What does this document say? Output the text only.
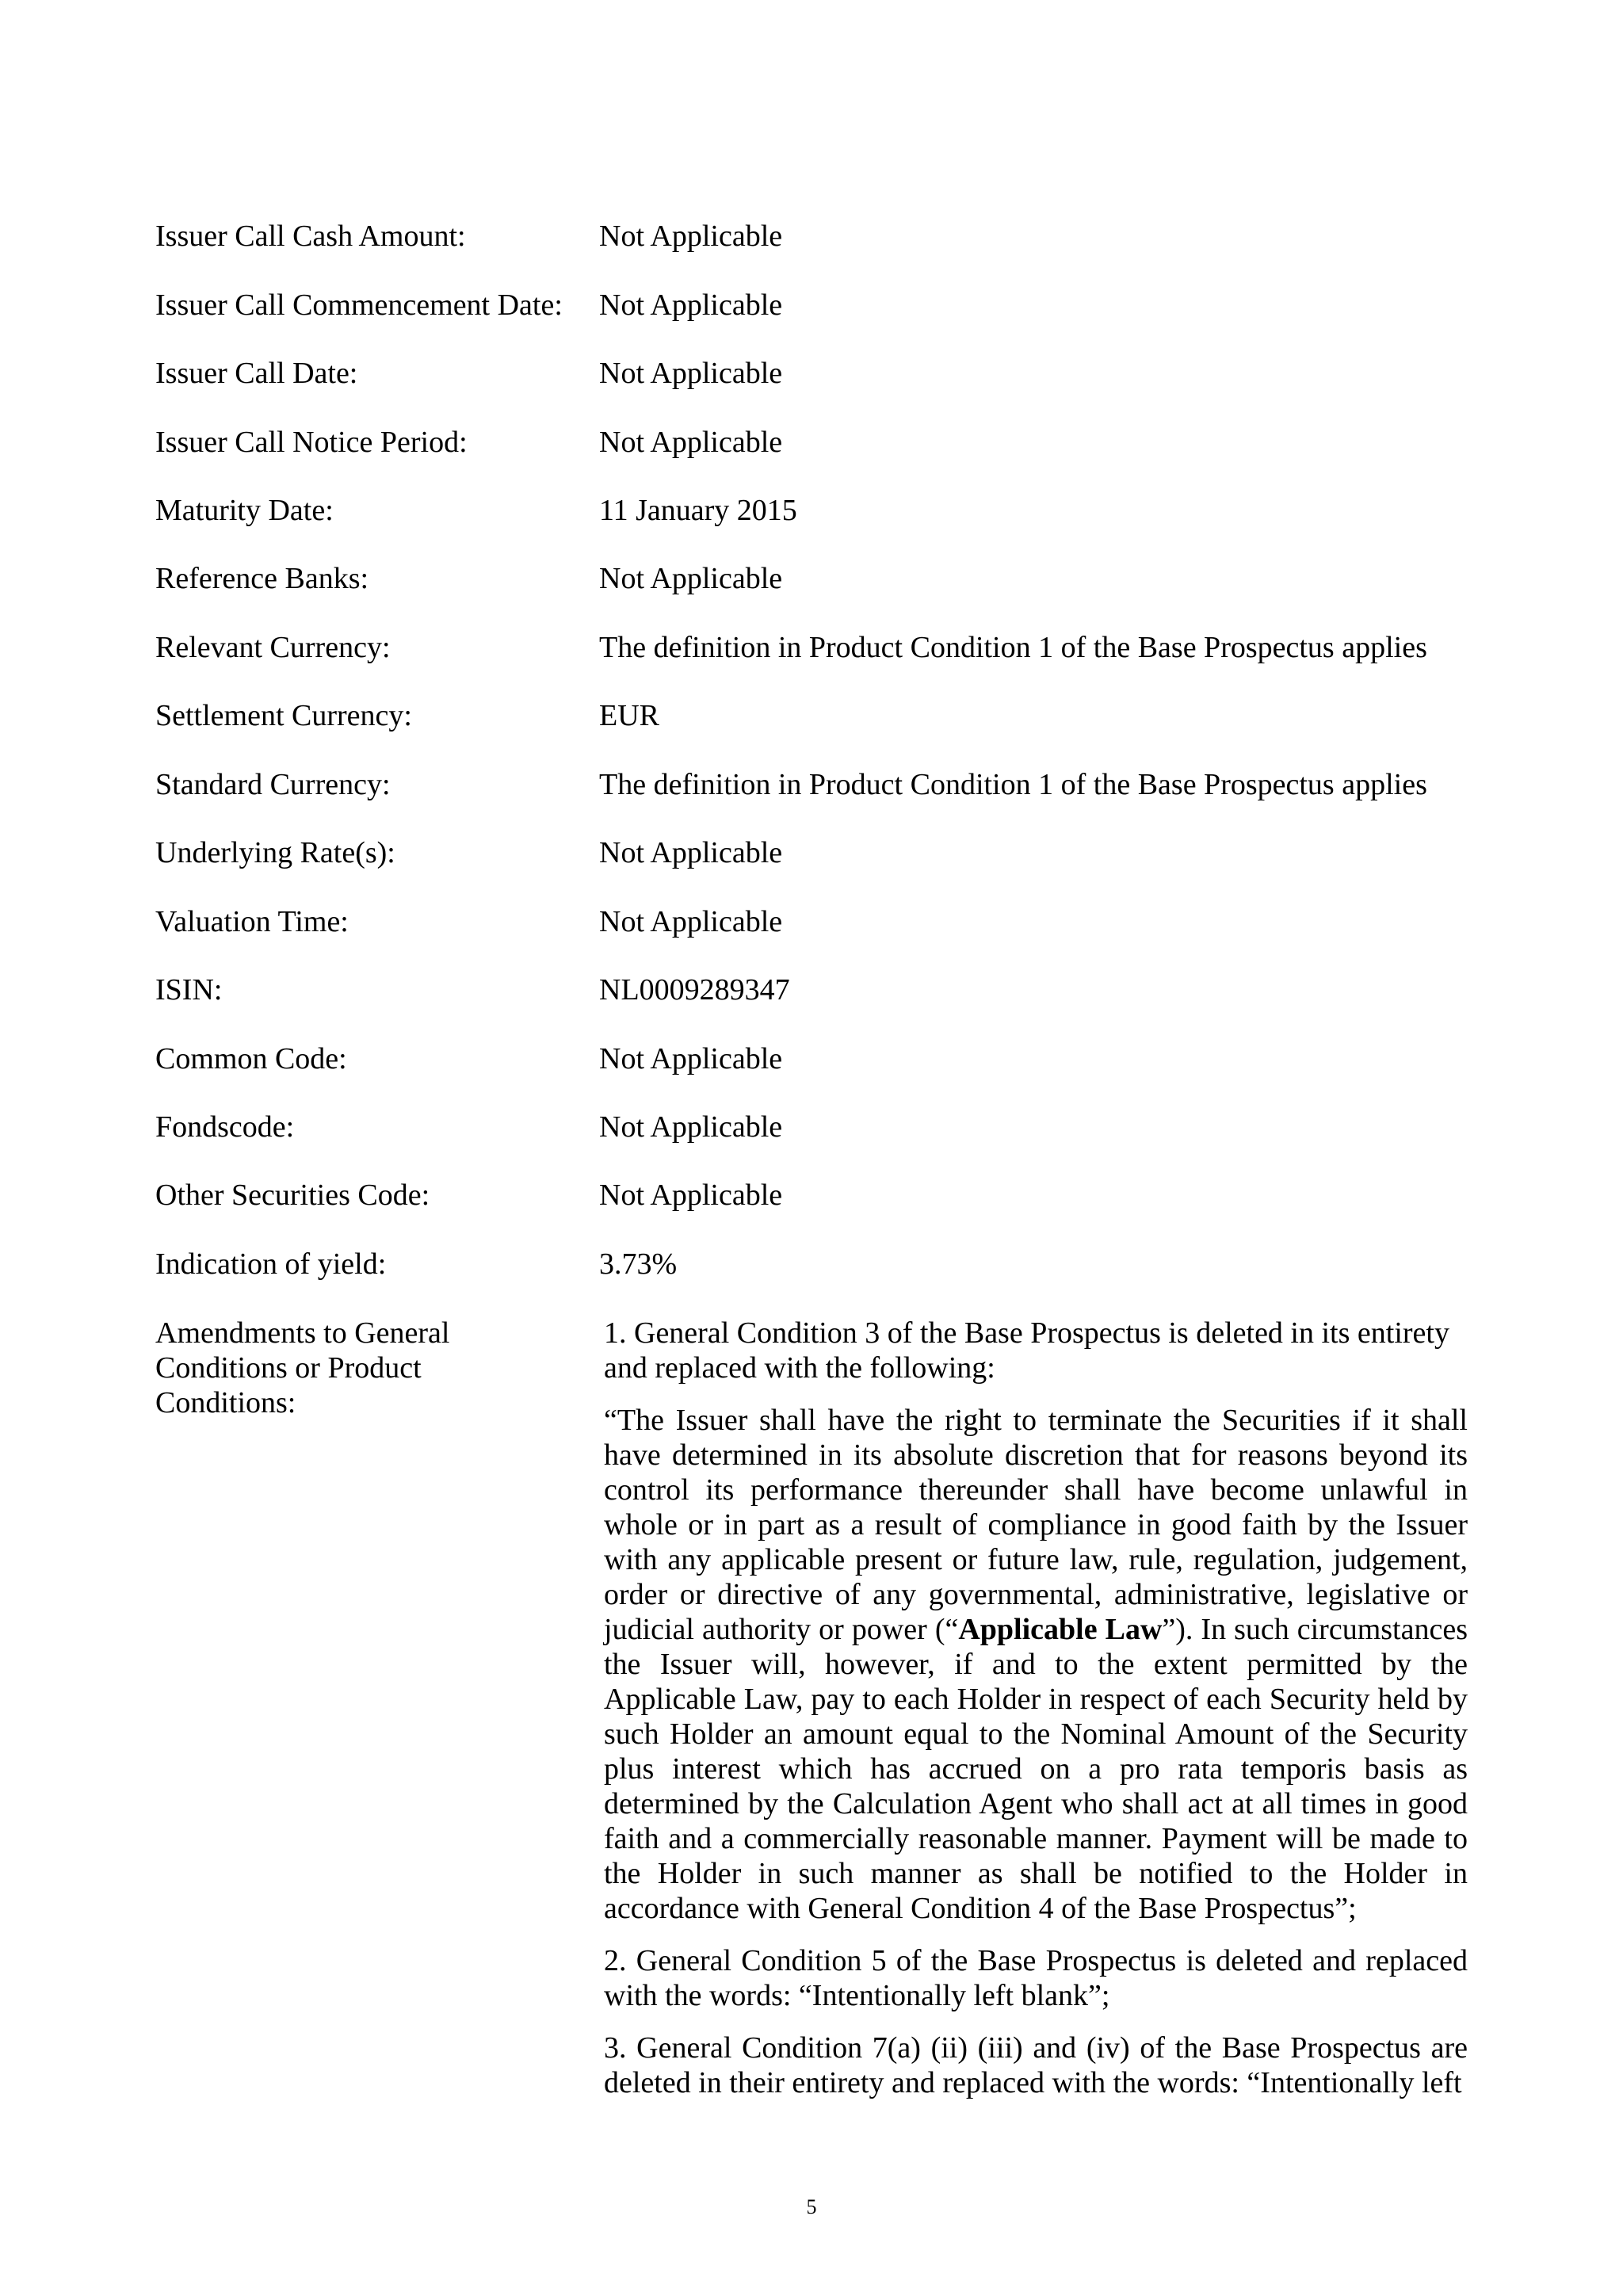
Issuer Call Cash Amount:	Not Applicable
Issuer Call Commencement Date: Not Applicable
Issuer Call Date:	Not Applicable
Issuer Call Notice Period:	Not Applicable
Maturity Date:	11 January 2015
Reference Banks:	Not Applicable
Relevant Currency:	The definition in Product Condition 1 of the Base Prospectus applies
Settlement Currency:	EUR
Standard Currency:	The definition in Product Condition 1 of the Base Prospectus applies
Underlying Rate(s):	Not Applicable
Valuation Time:	Not Applicable
ISIN:	NL0009289347
Common Code:	Not Applicable
Fondscode:	Not Applicable
Other Securities Code:	Not Applicable
Indication of yield:	3.73%
Amendments to General Conditions or Product Conditions:

1. General Condition 3 of the Base Prospectus is deleted in its entirety and replaced with the following:

“The Issuer shall have the right to terminate the Securities if it shall have determined in its absolute discretion that for reasons beyond its control its performance thereunder shall have become unlawful in whole or in part as a result of compliance in good faith by the Issuer with any applicable present or future law, rule, regulation, judgement, order or directive of any governmental, administrative, legislative or judicial authority or power (“Applicable Law”). In such circumstances the Issuer will, however, if and to the extent permitted by the Applicable Law, pay to each Holder in respect of each Security held by such Holder an amount equal to the Nominal Amount of the Security plus interest which has accrued on a pro rata temporis basis as determined by the Calculation Agent who shall act at all times in good faith and a commercially reasonable manner. Payment will be made to the Holder in such manner as shall be notified to the Holder in accordance with General Condition 4 of the Base Prospectus”;

2. General Condition 5 of the Base Prospectus is deleted and replaced with the words: “Intentionally left blank”;

3. General Condition 7(a) (ii) (iii) and (iv) of the Base Prospectus are deleted in their entirety and replaced with the words: “Intentionally left

5
